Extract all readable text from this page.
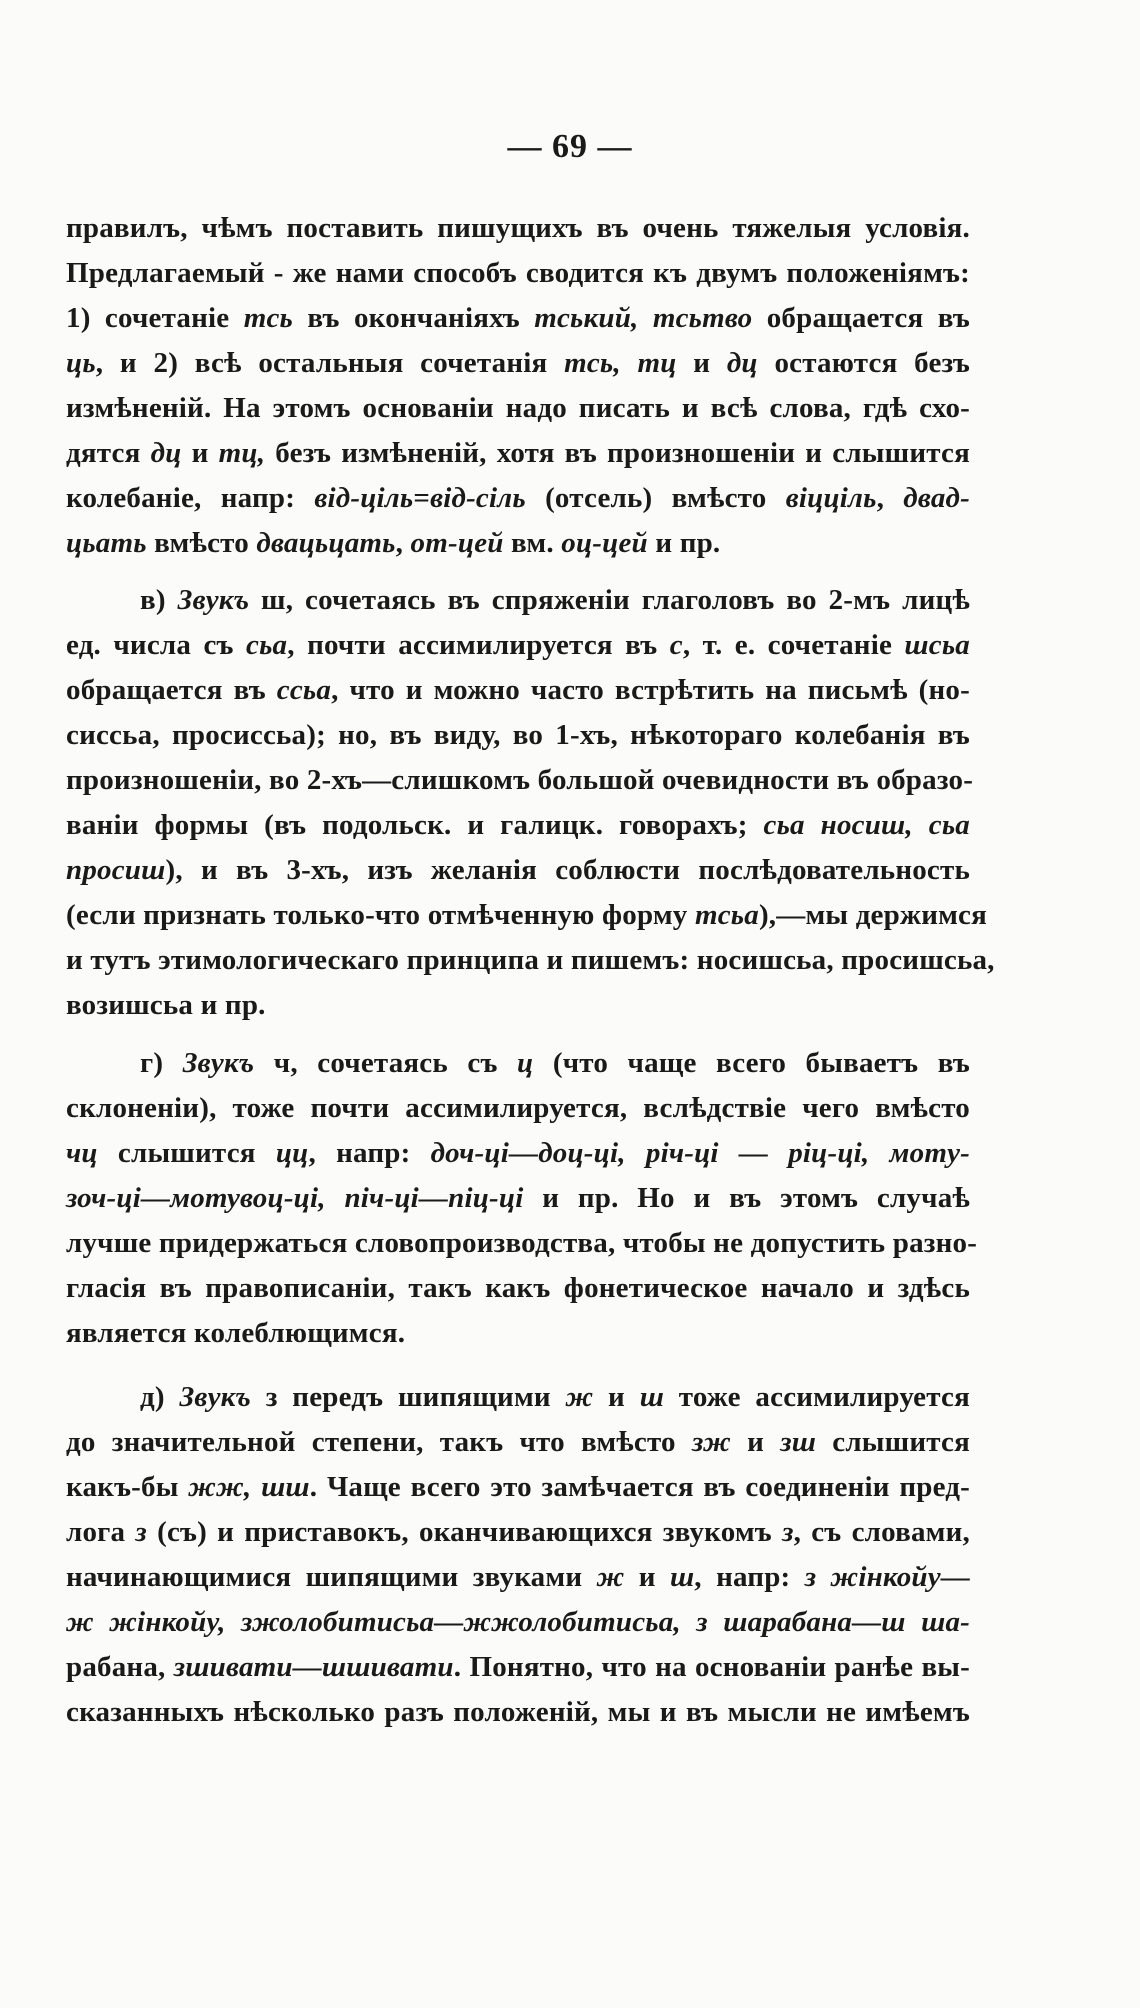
— 69 —
правилъ, чѣмъ поставить пишущихъ въ очень тяжелыя условія.
Предлагаемый - же нами способъ сводится къ двумъ положеніямъ:
1) сочетаніе тсь въ окончаніяхъ тський, тсьтво обращается въ
ць, и 2) всѣ остальныя сочетанія тсь, тц и дц остаются безъ
измѣненій. На этомъ основаніи надо писать и всѣ слова, гдѣ схо-
дятся дц и тц, безъ измѣненій, хотя въ произношеніи и слышится
колебаніе, напр: від-ціль=від-сіль (отсель) вмѣсто віцціль, двад-
цьать вмѣсто двацьцать, от-цей вм. оц-цей и пр.
в) Звукъ ш, сочетаясь въ спряженіи глаголовъ во 2-мъ лицѣ
ед. числа съ сьа, почти ассимилируется въ с, т. е. сочетаніе шсьа
обращается въ ссьа, что и можно часто встрѣтить на письмѣ (но-
сиссьа, просиссьа); но, въ виду, во 1-хъ, нѣкотораго колебанія въ
произношеніи, во 2-хъ—слишкомъ большой очевидности въ образо-
ваніи формы (въ подольск. и галицк. говорахъ; сьа носиш, сьа
просиш), и въ 3-хъ, изъ желанія соблюсти послѣдовательность
(если признать только-что отмѣченную форму тсьа),—мы держимся
и тутъ этимологическаго принципа и пишемъ: носишсьа, просишсьа,
возишсьа и пр.
г) Звукъ ч, сочетаясь съ ц (что чаще всего бываетъ въ
склоненіи), тоже почти ассимилируется, вслѣдствіе чего вмѣсто
чц слышится цц, напр: доч-ці—доц-ці, річ-ці — ріц-ці, мотy-
зоч-ці—мотувоц-ці, піч-ці—піц-ці и пр. Но и въ этомъ случаѣ
лучше придержаться словопроизводства, чтобы не допустить разно-
гласія въ правописаніи, такъ какъ фонетическое начало и здѣсь
является колеблющимся.
д) Звукъ з передъ шипящими ж и ш тоже ассимилируется
до значительной степени, такъ что вмѣсто зж и зш слышится
какъ-бы жж, шш. Чаще всего это замѣчается въ соединеніи пред-
лога з (съ) и приставокъ, оканчивающихся звукомъ з, съ словами,
начинающимися шипящими звуками ж и ш, напр: з жінкойу—
ж жінкойу, зжолобитисьа—жжолобитисьа, з шарабана—ш ша-
рабана, зшивати—шшивати. Понятно, что на основаніи ранѣе вы-
сказанныхъ нѣсколько разъ положеній, мы и въ мысли не имѣемъ
